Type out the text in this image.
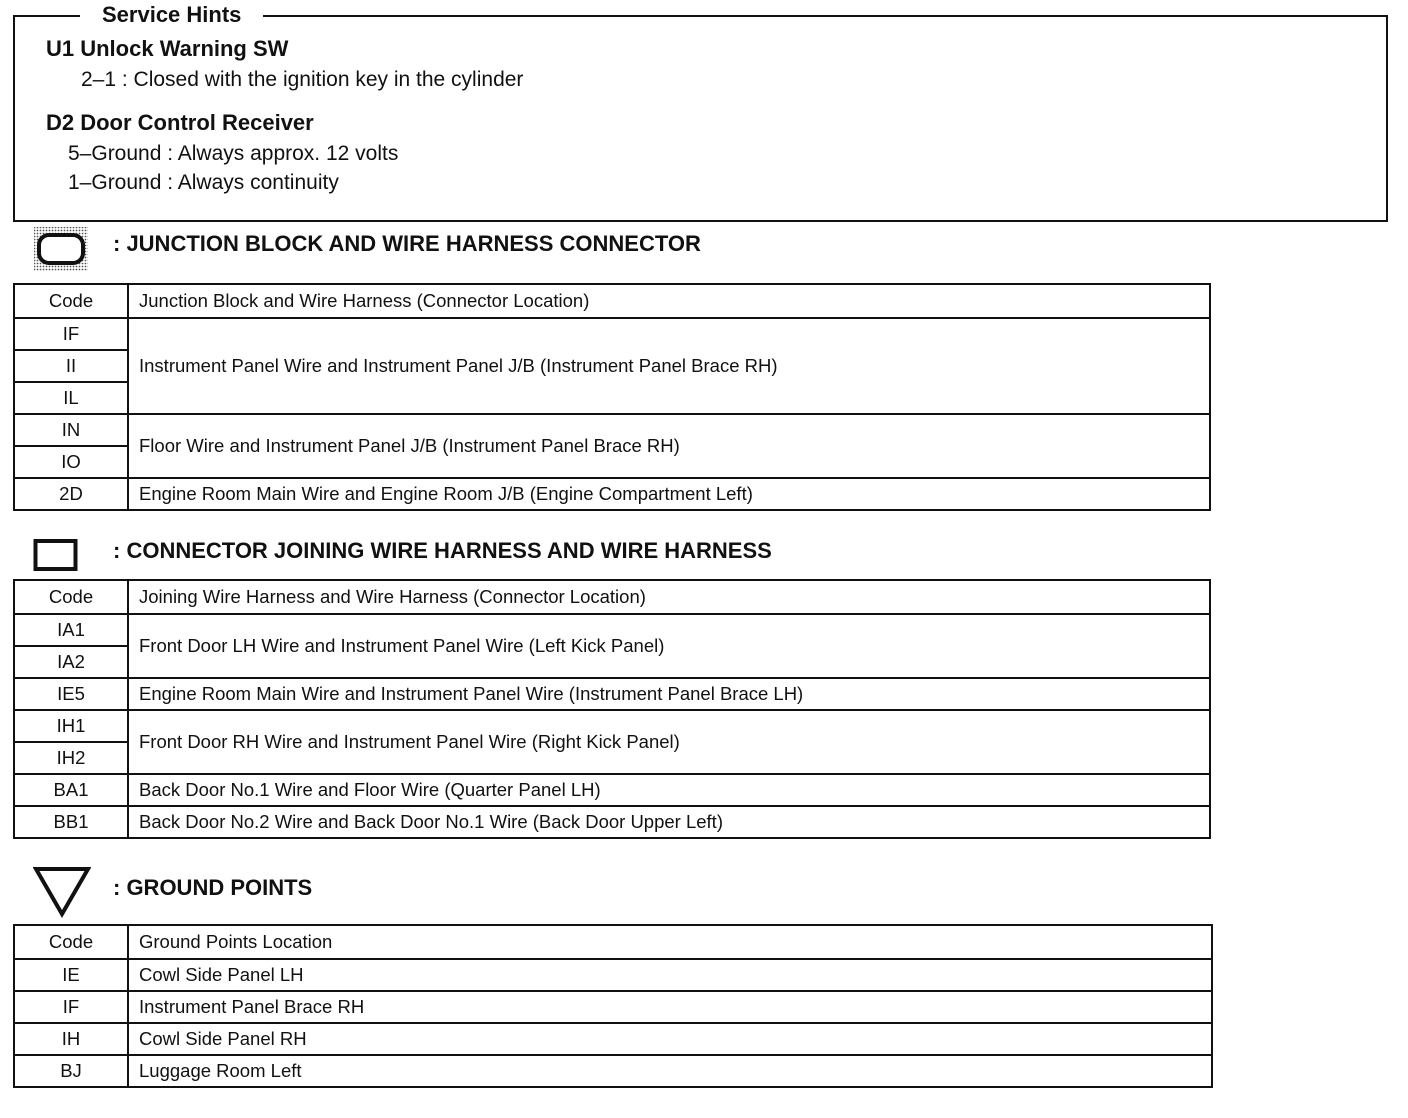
Service Hints
U1 Unlock Warning SW
2–1 : Closed with the ignition key in the cylinder
D2 Door Control Receiver
5–Ground : Always approx. 12 volts
1–Ground : Always continuity
: JUNCTION BLOCK AND WIRE HARNESS CONNECTOR
Code	Junction Block and Wire Harness (Connector Location)
IF	Instrument Panel Wire and Instrument Panel J/B (Instrument Panel Brace RH)
II	
IL	
IN	Floor Wire and Instrument Panel J/B (Instrument Panel Brace RH)
IO	
2D	Engine Room Main Wire and Engine Room J/B (Engine Compartment Left)
: CONNECTOR JOINING WIRE HARNESS AND WIRE HARNESS
Code	Joining Wire Harness and Wire Harness (Connector Location)
IA1	Front Door LH Wire and Instrument Panel Wire (Left Kick Panel)
IA2	
IE5	Engine Room Main Wire and Instrument Panel Wire (Instrument Panel Brace LH)
IH1	Front Door RH Wire and Instrument Panel Wire (Right Kick Panel)
IH2	
BA1	Back Door No.1 Wire and Floor Wire (Quarter Panel LH)
BB1	Back Door No.2 Wire and Back Door No.1 Wire (Back Door Upper Left)
: GROUND POINTS
Code	Ground Points Location
IE	Cowl Side Panel LH
IF	Instrument Panel Brace RH
IH	Cowl Side Panel RH
BJ	Luggage Room Left
